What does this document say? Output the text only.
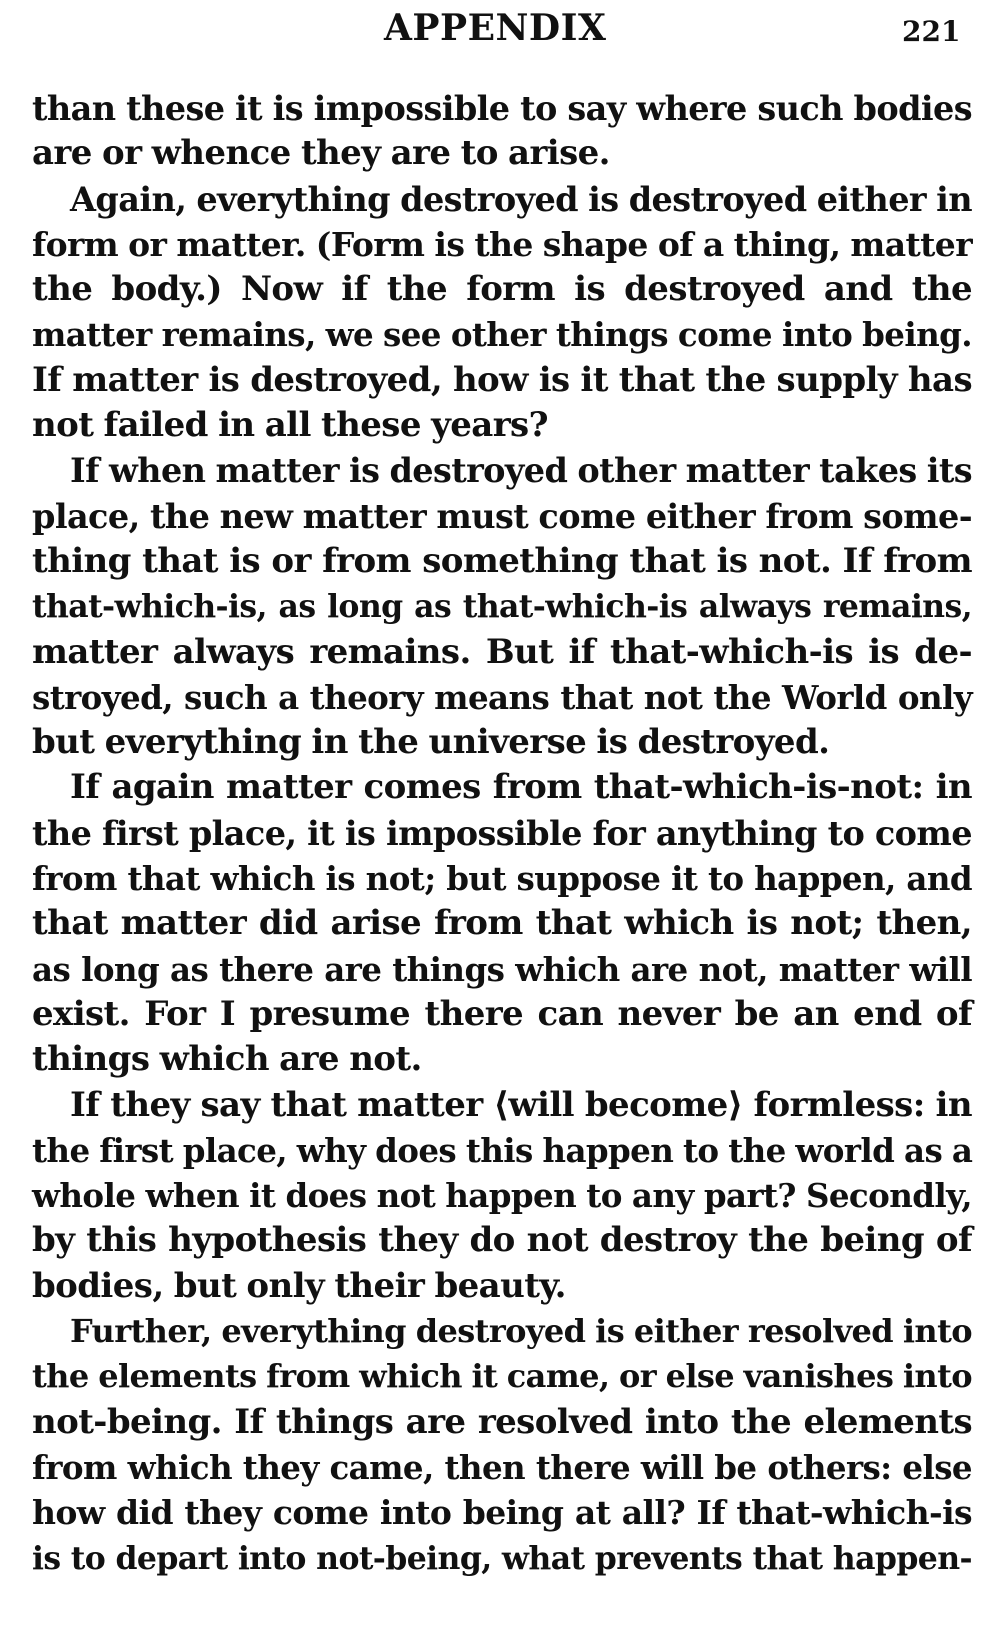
APPENDIX	221
than these it is impossible to say where such bodies
are or whence they are to arise.
Again, everything destroyed is destroyed either in
form or matter. (Form is the shape of a thing, matter
the body.) Now if the form is destroyed and the
matter remains, we see other things come into being.
If matter is destroyed, how is it that the supply has
not failed in all these years?
If when matter is destroyed other matter takes its
place, the new matter must come either from some-
thing that is or from something that is not. If from
that-which-is, as long as that-which-is always remains,
matter always remains. But if that-which-is is de-
stroyed, such a theory means that not the World only
but everything in the universe is destroyed.
If again matter comes from that-which-is-not: in
the first place, it is impossible for anything to come
from that which is not; but suppose it to happen, and
that matter did arise from that which is not; then,
as long as there are things which are not, matter will
exist. For I presume there can never be an end of
things which are not.
If they say that matter ⟨will become⟩ formless: in
the first place, why does this happen to the world as a
whole when it does not happen to any part? Secondly,
by this hypothesis they do not destroy the being of
bodies, but only their beauty.
Further, everything destroyed is either resolved into
the elements from which it came, or else vanishes into
not-being. If things are resolved into the elements
from which they came, then there will be others: else
how did they come into being at all? If that-which-is
is to depart into not-being, what prevents that happen-
